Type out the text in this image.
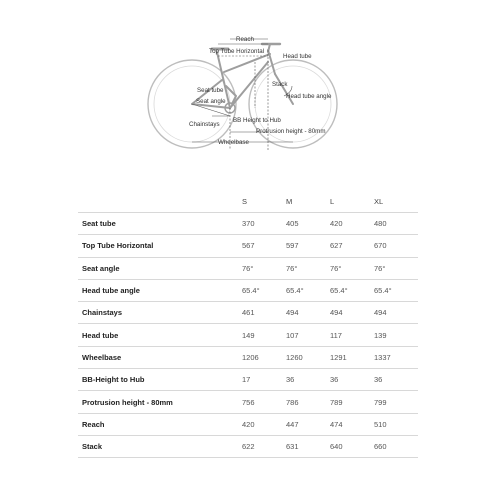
Reach
Top Tube Horizontal
Head tube
Stack
Seat tube
Seat angle
Head tube angle
Chainstays
BB Height to Hub
Protrusion height - 80mm
Wheelbase
	S	M	L	XL
Seat tube	370	405	420	480
Top Tube Horizontal	567	597	627	670
Seat angle	76°	76°	76°	76°
Head tube angle	65.4°	65.4°	65.4°	65.4°
Chainstays	461	494	494	494
Head tube	149	107	117	139
Wheelbase	1206	1260	1291	1337
BB-Height to Hub	17	36	36	36
Protrusion height - 80mm	756	786	789	799
Reach	420	447	474	510
Stack	622	631	640	660
